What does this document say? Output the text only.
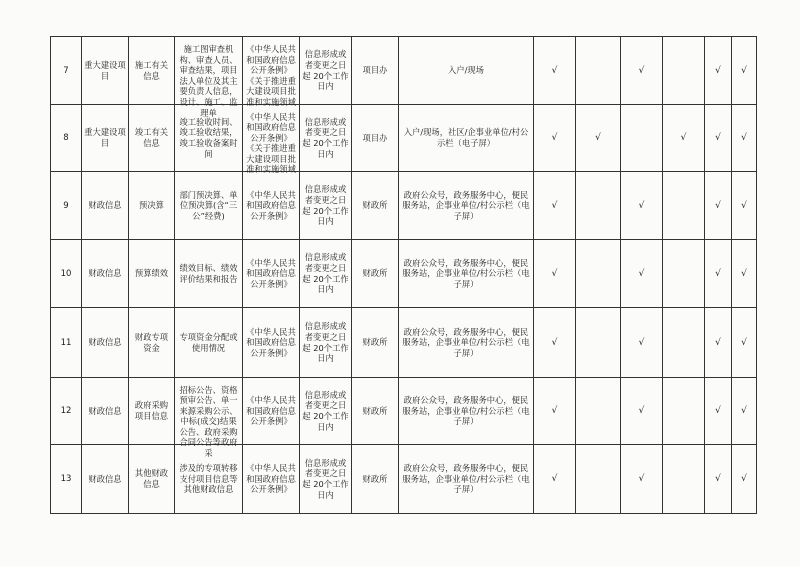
7	重大建设项目	施工有关信息	施工图审查机构、审查人员、审查结果，项目法人单位及其主要负责人信息，设计、施工、监理单	《中华人民共和国政府信息公开条例》《关于推进重大建设项目批准和实施领域	信息形成或者变更之日起 20个工作日内	项目办	入户/现场	√		√		√	√
8	重大建设项目	竣工有关信息	竣工验收时间、竣工验收结果，竣工验收备案时间	《中华人民共和国政府信息公开条例》《关于推进重大建设项目批准和实施领域	信息形成或者变更之日起 20个工作日内	项目办	入户/现场，社区/企事业单位/村公示栏（电子屏）	√	√		√	√	√
9	财政信息	预决算	部门预决算、单位预决算(含“三公”经费)	《中华人民共和国政府信息公开条例》	信息形成或者变更之日起 20个工作日内	财政所	政府公众号，政务服务中心，便民服务站，企事业单位/村公示栏（电子屏）	√		√		√	√
10	财政信息	预算绩效	绩效目标、绩效评价结果和报告	《中华人民共和国政府信息公开条例》	信息形成或者变更之日起 20个工作日内	财政所	政府公众号，政务服务中心，便民服务站，企事业单位/村公示栏（电子屏）	√		√		√	√
11	财政信息	财政专项资金	专项资金分配或使用情况	《中华人民共和国政府信息公开条例》	信息形成或者变更之日起 20个工作日内	财政所	政府公众号，政务服务中心，便民服务站，企事业单位/村公示栏（电子屏）	√		√		√	√
12	财政信息	政府采购项目信息	招标公告、资格预审公告、单一来源采购公示、中标(成交)结果公告、政府采购合同公告等政府采	《中华人民共和国政府信息公开条例》	信息形成或者变更之日起 20个工作日内	财政所	政府公众号，政务服务中心，便民服务站，企事业单位/村公示栏（电子屏）	√		√		√	√
13	财政信息	其他财政信息	涉及的专项转移支付项目信息等其他财政信息	《中华人民共和国政府信息公开条例》	信息形成或者变更之日起 20个工作日内	财政所	政府公众号，政务服务中心，便民服务站，企事业单位/村公示栏（电子屏）	√		√		√	√
